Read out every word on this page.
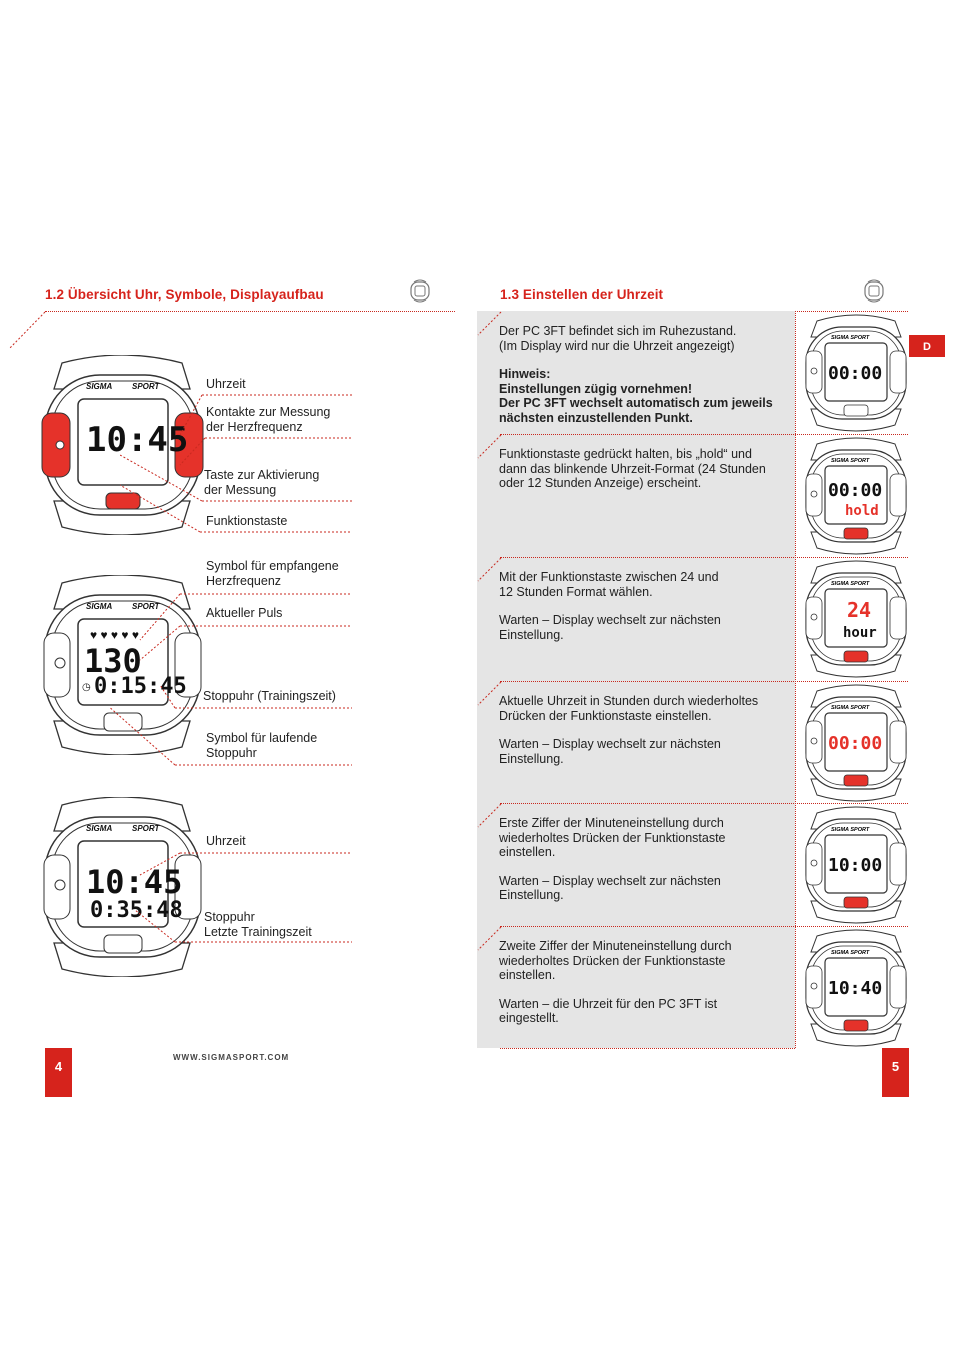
1.2 Übersicht Uhr, Symbole, Displayaufbau
SIGMA SPORT
10:45
Uhrzeit
Kontakte zur Messung
der Herzfrequenz
Taste zur Aktivierung
der Messung
Funktionstaste
SIGMA SPORT
♥ ♥ ♥ ♥ ♥
130
◷ 0:15:45
Symbol für empfangene
Herzfrequenz
Aktueller Puls
Stoppuhr (Trainingszeit)
Symbol für laufende
Stoppuhr
SIGMA SPORT
10:45
0:35:48
Uhrzeit
Stoppuhr
Letzte Trainingszeit
4
WWW.SIGMASPORT.COM
1.3 Einstellen der Uhrzeit
D

Der PC 3FT befindet sich im Ruhezustand.
(Im Display wird nur die Uhrzeit angezeigt)

Hinweis:
Einstellungen zügig vornehmen!
Der PC 3FT wechselt automatisch zum jeweils
nächsten einzustellenden Punkt.

SIGMA SPORT
00:00

Funktionstaste gedrückt halten, bis „hold“ und
dann das blinkende Uhrzeit-Format (24 Stunden
oder 12 Stunden Anzeige) erscheint.

SIGMA SPORT
00:00
hold

Mit der Funktionstaste zwischen 24 und
12 Stunden Format wählen.

Warten – Display wechselt zur nächsten
Einstellung.

SIGMA SPORT
24
hour

Aktuelle Uhrzeit in Stunden durch wiederholtes
Drücken der Funktionstaste einstellen.

Warten – Display wechselt zur nächsten
Einstellung.

SIGMA SPORT
00:00

Erste Ziffer der Minuteneinstellung durch
wiederholtes Drücken der Funktionstaste
einstellen.

Warten – Display wechselt zur nächsten
Einstellung.

SIGMA SPORT
10:00

Zweite Ziffer der Minuteneinstellung durch
wiederholtes Drücken der Funktionstaste
einstellen.

Warten – die Uhrzeit für den PC 3FT ist
eingestellt.

SIGMA SPORT
10:40
5
